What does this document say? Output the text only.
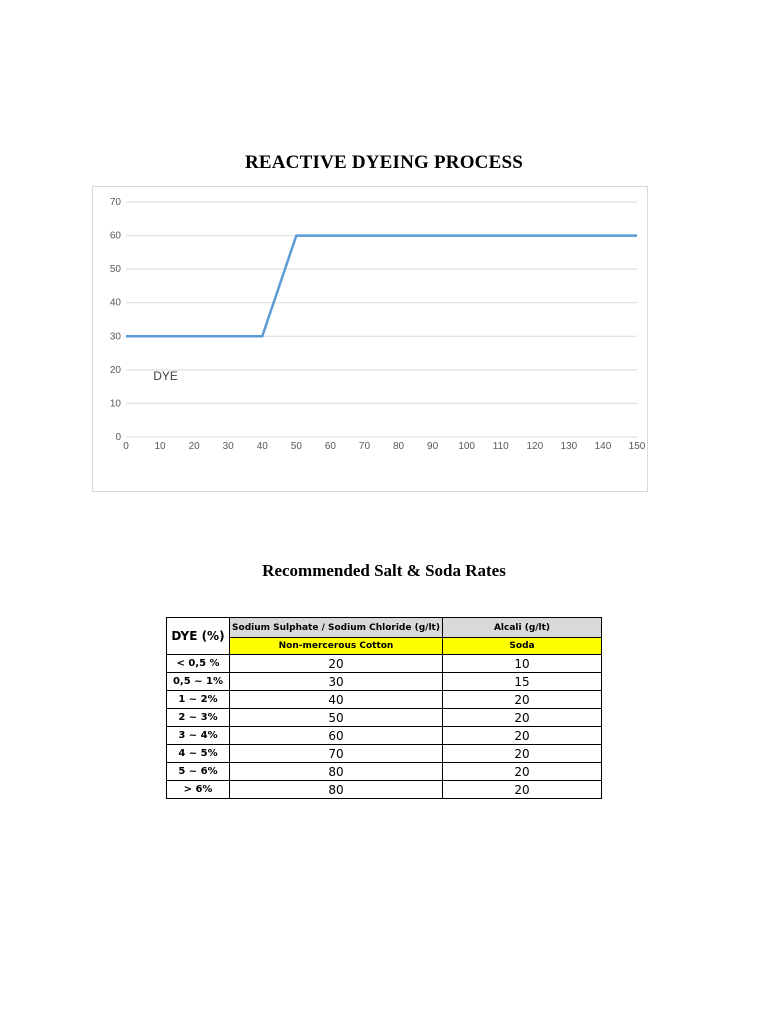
REACTIVE DYEING PROCESS
0
10
20
30
40
50
60
70
0	10 20 30 40 50 60 70 80 90 100 110 120 130 140 150
DYE
Recommended Salt & Soda Rates
DYE (%)	Sodium Sulphate / Sodium Chloride (g/lt)	Alcali (g/lt)
	Non-mercerous Cotton	Soda
< 0,5 %	20	10
0,5 ~ 1%	30	15
1 ~ 2%	40	20
2 ~ 3%	50	20
3 ~ 4%	60	20
4 ~ 5%	70	20
5 ~ 6%	80	20
> 6%	80	20
